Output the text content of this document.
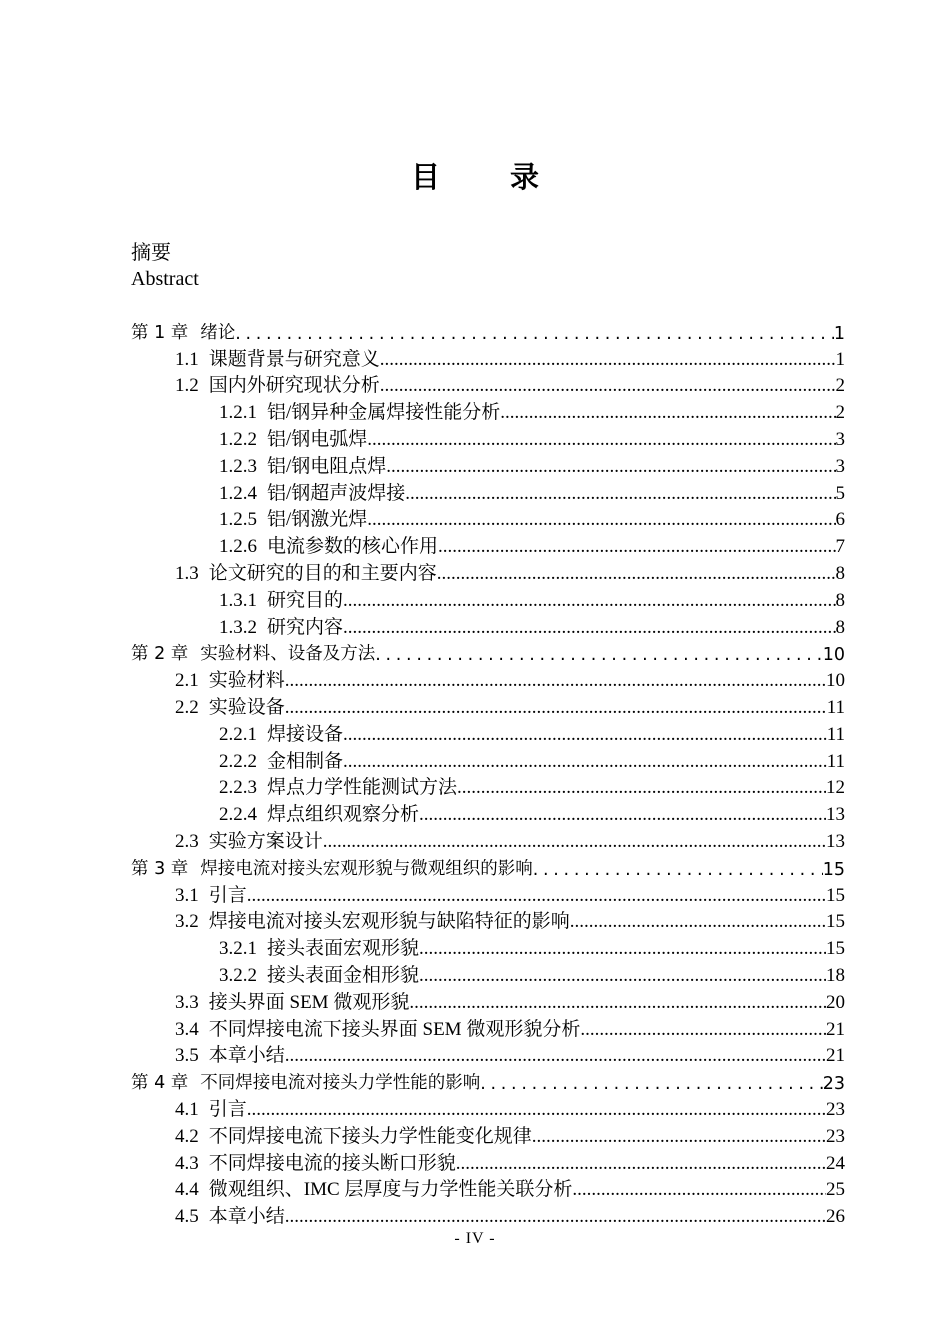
目 录
摘要
Abstract
第 1 章 绪论 .....	1
1.1 课题背景与研究意义 .....	1
1.2 国内外研究现状分析 .....	2
1.2.1 铝/钢异种金属焊接性能分析 .....	2
1.2.2 铝/钢电弧焊 .....	3
1.2.3 铝/钢电阻点焊 .....	3
1.2.4 铝/钢超声波焊接 .....	5
1.2.5 铝/钢激光焊 .....	6
1.2.6 电流参数的核心作用 .....	7
1.3 论文研究的目的和主要内容 .....	8
1.3.1 研究目的 .....	8
1.3.2 研究内容 .....	8
第 2 章 实验材料、设备及方法 .....	10
2.1 实验材料 .....	10
2.2 实验设备 .....	11
2.2.1 焊接设备 .....	11
2.2.2 金相制备 .....	11
2.2.3 焊点力学性能测试方法 .....	12
2.2.4 焊点组织观察分析 .....	13
2.3 实验方案设计 .....	13
第 3 章 焊接电流对接头宏观形貌与微观组织的影响 .....	15
3.1 引言 .....	15
3.2 焊接电流对接头宏观形貌与缺陷特征的影响 .....	15
3.2.1 接头表面宏观形貌 .....	15
3.2.2 接头表面金相形貌 .....	18
3.3 接头界面 SEM 微观形貌 .....	20
3.4 不同焊接电流下接头界面 SEM 微观形貌分析 .....	21
3.5 本章小结 .....	21
第 4 章 不同焊接电流对接头力学性能的影响 .....	23
4.1 引言 .....	23
4.2 不同焊接电流下接头力学性能变化规律 .....	23
4.3 不同焊接电流的接头断口形貌 .....	24
4.4 微观组织、IMC 层厚度与力学性能关联分析 .....	25
4.5 本章小结 .....	26
- IV -
